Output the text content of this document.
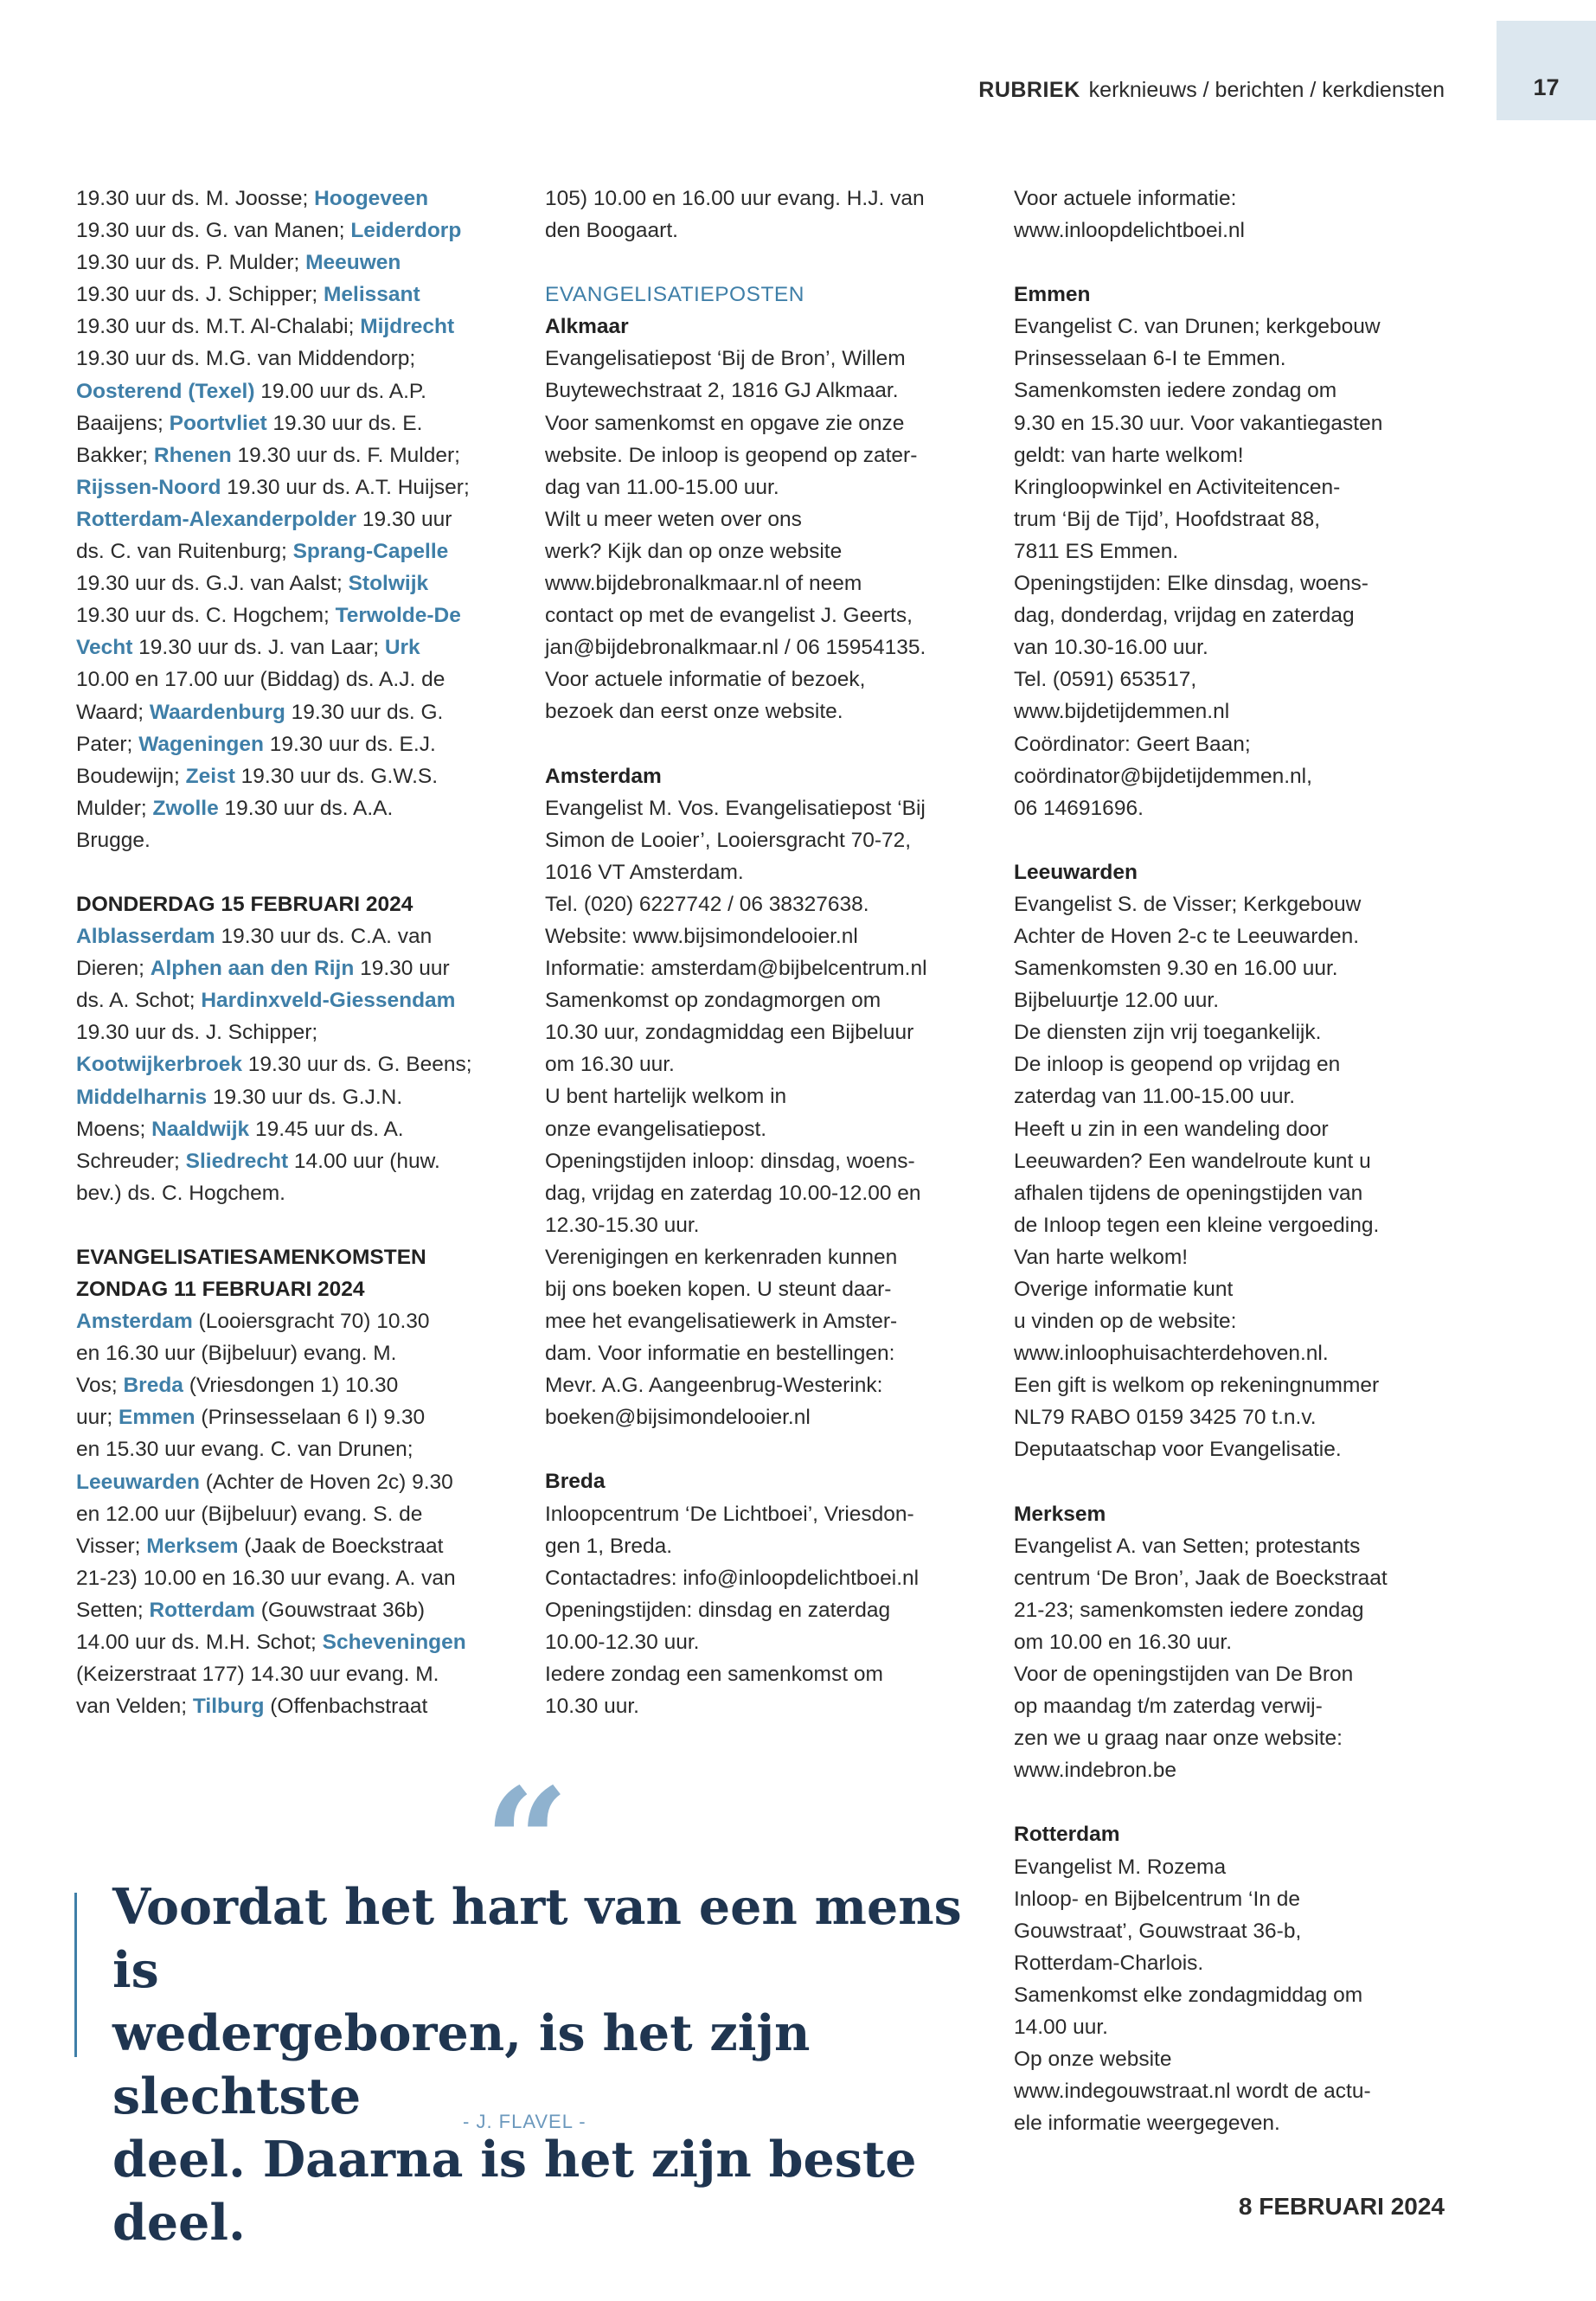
17
RUBRIEK kerknieuws / berichten / kerkdiensten

19.30 uur ds. M. Joosse; Hoogeveen

19.30 uur ds. G. van Manen; Leiderdorp

19.30 uur ds. P. Mulder; Meeuwen

19.30 uur ds. J. Schipper; Melissant

19.30 uur ds. M.T. Al-Chalabi; Mijdrecht

19.30 uur ds. M.G. van Middendorp;

Oosterend (Texel) 19.00 uur ds. A.P.

Baaijens; Poortvliet 19.30 uur ds. E.

Bakker; Rhenen 19.30 uur ds. F. Mulder;

Rijssen-Noord 19.30 uur ds. A.T. Huijser;

Rotterdam-Alexanderpolder 19.30 uur

ds. C. van Ruitenburg; Sprang-Capelle

19.30 uur ds. G.J. van Aalst; Stolwijk

19.30 uur ds. C. Hogchem; Terwolde-De

Vecht 19.30 uur ds. J. van Laar; Urk

10.00 en 17.00 uur (Biddag) ds. A.J. de

Waard; Waardenburg 19.30 uur ds. G.

Pater; Wageningen 19.30 uur ds. E.J.

Boudewijn; Zeist 19.30 uur ds. G.W.S.

Mulder; Zwolle 19.30 uur ds. A.A.

Brugge.

DONDERDAG 15 FEBRUARI 2024

Alblasserdam 19.30 uur ds. C.A. van

Dieren; Alphen aan den Rijn 19.30 uur

ds. A. Schot; Hardinxveld-Giessendam

19.30 uur ds. J. Schipper;

Kootwijkerbroek 19.30 uur ds. G. Beens;

Middelharnis 19.30 uur ds. G.J.N.

Moens; Naaldwijk 19.45 uur ds. A.

Schreuder; Sliedrecht 14.00 uur (huw.

bev.) ds. C. Hogchem.

EVANGELISATIESAMENKOMSTEN

ZONDAG 11 FEBRUARI 2024

Amsterdam (Looiersgracht 70) 10.30

en 16.30 uur (Bijbeluur) evang. M.

Vos; Breda (Vriesdongen 1) 10.30

uur; Emmen (Prinsesselaan 6 I) 9.30

en 15.30 uur evang. C. van Drunen;

Leeuwarden (Achter de Hoven 2c) 9.30

en 12.00 uur (Bijbeluur) evang. S. de

Visser; Merksem (Jaak de Boeckstraat

21-23) 10.00 en 16.30 uur evang. A. van

Setten; Rotterdam (Gouwstraat 36b)

14.00 uur ds. M.H. Schot; Scheveningen

(Keizerstraat 177) 14.30 uur evang. M.

van Velden; Tilburg (Offenbachstraat

105) 10.00 en 16.00 uur evang. H.J. van

den Boogaart.

EVANGELISATIEPOSTEN

Alkmaar

Evangelisatiepost ‘Bij de Bron’, Willem

Buytewechstraat 2, 1816 GJ Alkmaar.

Voor samenkomst en opgave zie onze

website. De inloop is geopend op zater-

dag van 11.00-15.00 uur.

Wilt u meer weten over ons

werk? Kijk dan op onze website

www.bijdebronalkmaar.nl of neem

contact op met de evangelist J. Geerts,

jan@bijdebronalkmaar.nl / 06 15954135.

Voor actuele informatie of bezoek,

bezoek dan eerst onze website.

Amsterdam

Evangelist M. Vos. Evangelisatiepost ‘Bij

Simon de Looier’, Looiersgracht 70-72,

1016 VT Amsterdam.

Tel. (020) 6227742 / 06 38327638.

Website: www.bijsimondelooier.nl

Informatie: amsterdam@bijbelcentrum.nl

Samenkomst op zondagmorgen om

10.30 uur, zondagmiddag een Bijbeluur

om 16.30 uur.

U bent hartelijk welkom in

onze evangelisatiepost.

Openingstijden inloop: dinsdag, woens-

dag, vrijdag en zaterdag 10.00-12.00 en

12.30-15.30 uur.

Verenigingen en kerkenraden kunnen

bij ons boeken kopen. U steunt daar-

mee het evangelisatiewerk in Amster-

dam. Voor informatie en bestellingen:

Mevr. A.G. Aangeenbrug-Westerink:

boeken@bijsimondelooier.nl

Breda

Inloopcentrum ‘De Lichtboei’, Vriesdon-

gen 1, Breda.

Contactadres: info@inloopdelichtboei.nl

Openingstijden: dinsdag en zaterdag

10.00-12.30 uur.

Iedere zondag een samenkomst om

10.30 uur.

Voor actuele informatie:

www.inloopdelichtboei.nl

Emmen

Evangelist C. van Drunen; kerkgebouw

Prinsesselaan 6-I te Emmen.

Samenkomsten iedere zondag om

9.30 en 15.30 uur. Voor vakantiegasten

geldt: van harte welkom!

Kringloopwinkel en Activiteitencen-

trum ‘Bij de Tijd’, Hoofdstraat 88,

7811 ES Emmen.

Openingstijden: Elke dinsdag, woens-

dag, donderdag, vrijdag en zaterdag

van 10.30-16.00 uur.

Tel. (0591) 653517,

www.bijdetijdemmen.nl

Coördinator: Geert Baan;

coördinator@bijdetijdemmen.nl,

06 14691696.

Leeuwarden

Evangelist S. de Visser; Kerkgebouw

Achter de Hoven 2-c te Leeuwarden.

Samenkomsten 9.30 en 16.00 uur.

Bijbeluurtje 12.00 uur.

De diensten zijn vrij toegankelijk.

De inloop is geopend op vrijdag en

zaterdag van 11.00-15.00 uur.

Heeft u zin in een wandeling door

Leeuwarden? Een wandelroute kunt u

afhalen tijdens de openingstijden van

de Inloop tegen een kleine vergoeding.

Van harte welkom!

Overige informatie kunt

u vinden op de website:

www.inloophuisachterdehoven.nl.

Een gift is welkom op rekeningnummer

NL79 RABO 0159 3425 70 t.n.v.

Deputaatschap voor Evangelisatie.

Merksem

Evangelist A. van Setten; protestants

centrum ‘De Bron’, Jaak de Boeckstraat

21-23; samenkomsten iedere zondag

om 10.00 en 16.30 uur.

Voor de openingstijden van De Bron

op maandag t/m zaterdag verwij-

zen we u graag naar onze website:

www.indebron.be

Rotterdam

Evangelist M. Rozema

Inloop- en Bijbelcentrum ‘In de

Gouwstraat’, Gouwstraat 36-b,

Rotterdam-Charlois.

Samenkomst elke zondagmiddag om

14.00 uur.

Op onze website

www.indegouwstraat.nl wordt de actu-

ele informatie weergegeven.

“
Voordat het hart van een mens is
wedergeboren, is het zijn slechtste
deel. Daarna is het zijn beste deel.
- J. FLAVEL -
8 FEBRUARI 2024
